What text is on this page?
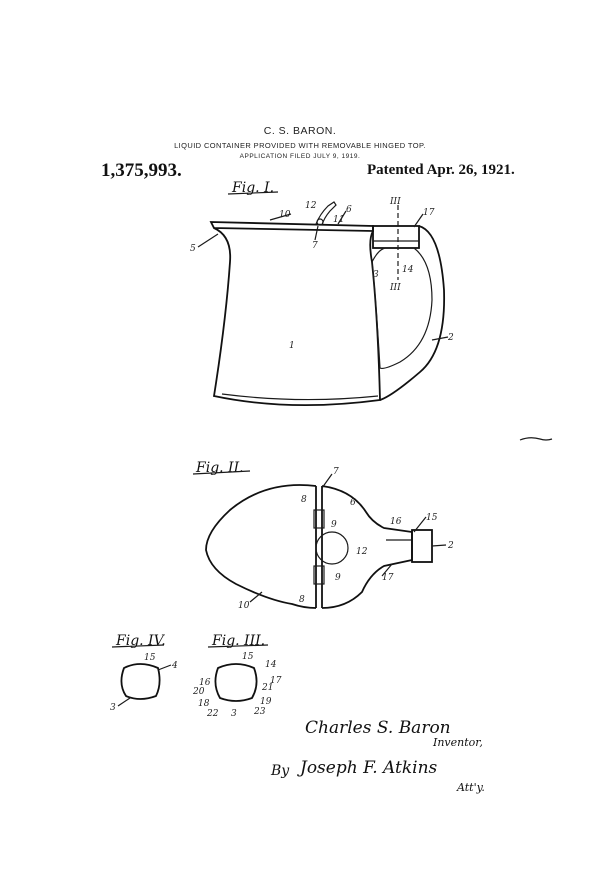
C. S. BARON.
LIQUID CONTAINER PROVIDED WITH REMOVABLE HINGED TOP.
APPLICATION FILED JULY 9, 1919.
1,375,993.	Patented Apr. 26, 1921.
Fig. I.
10
12	6
11
7
III
17
5
3	14
III
1
2
Fig. II.	7
8	6
9	16	15
2
12
9	17
10
8
Fig. IV.
15
4
3
Fig. III.
15
14
16	17
20	21
18	19
22 3 23
Charles S. Baron
Inventor,
By Joseph F. Atkins
Att'y.
